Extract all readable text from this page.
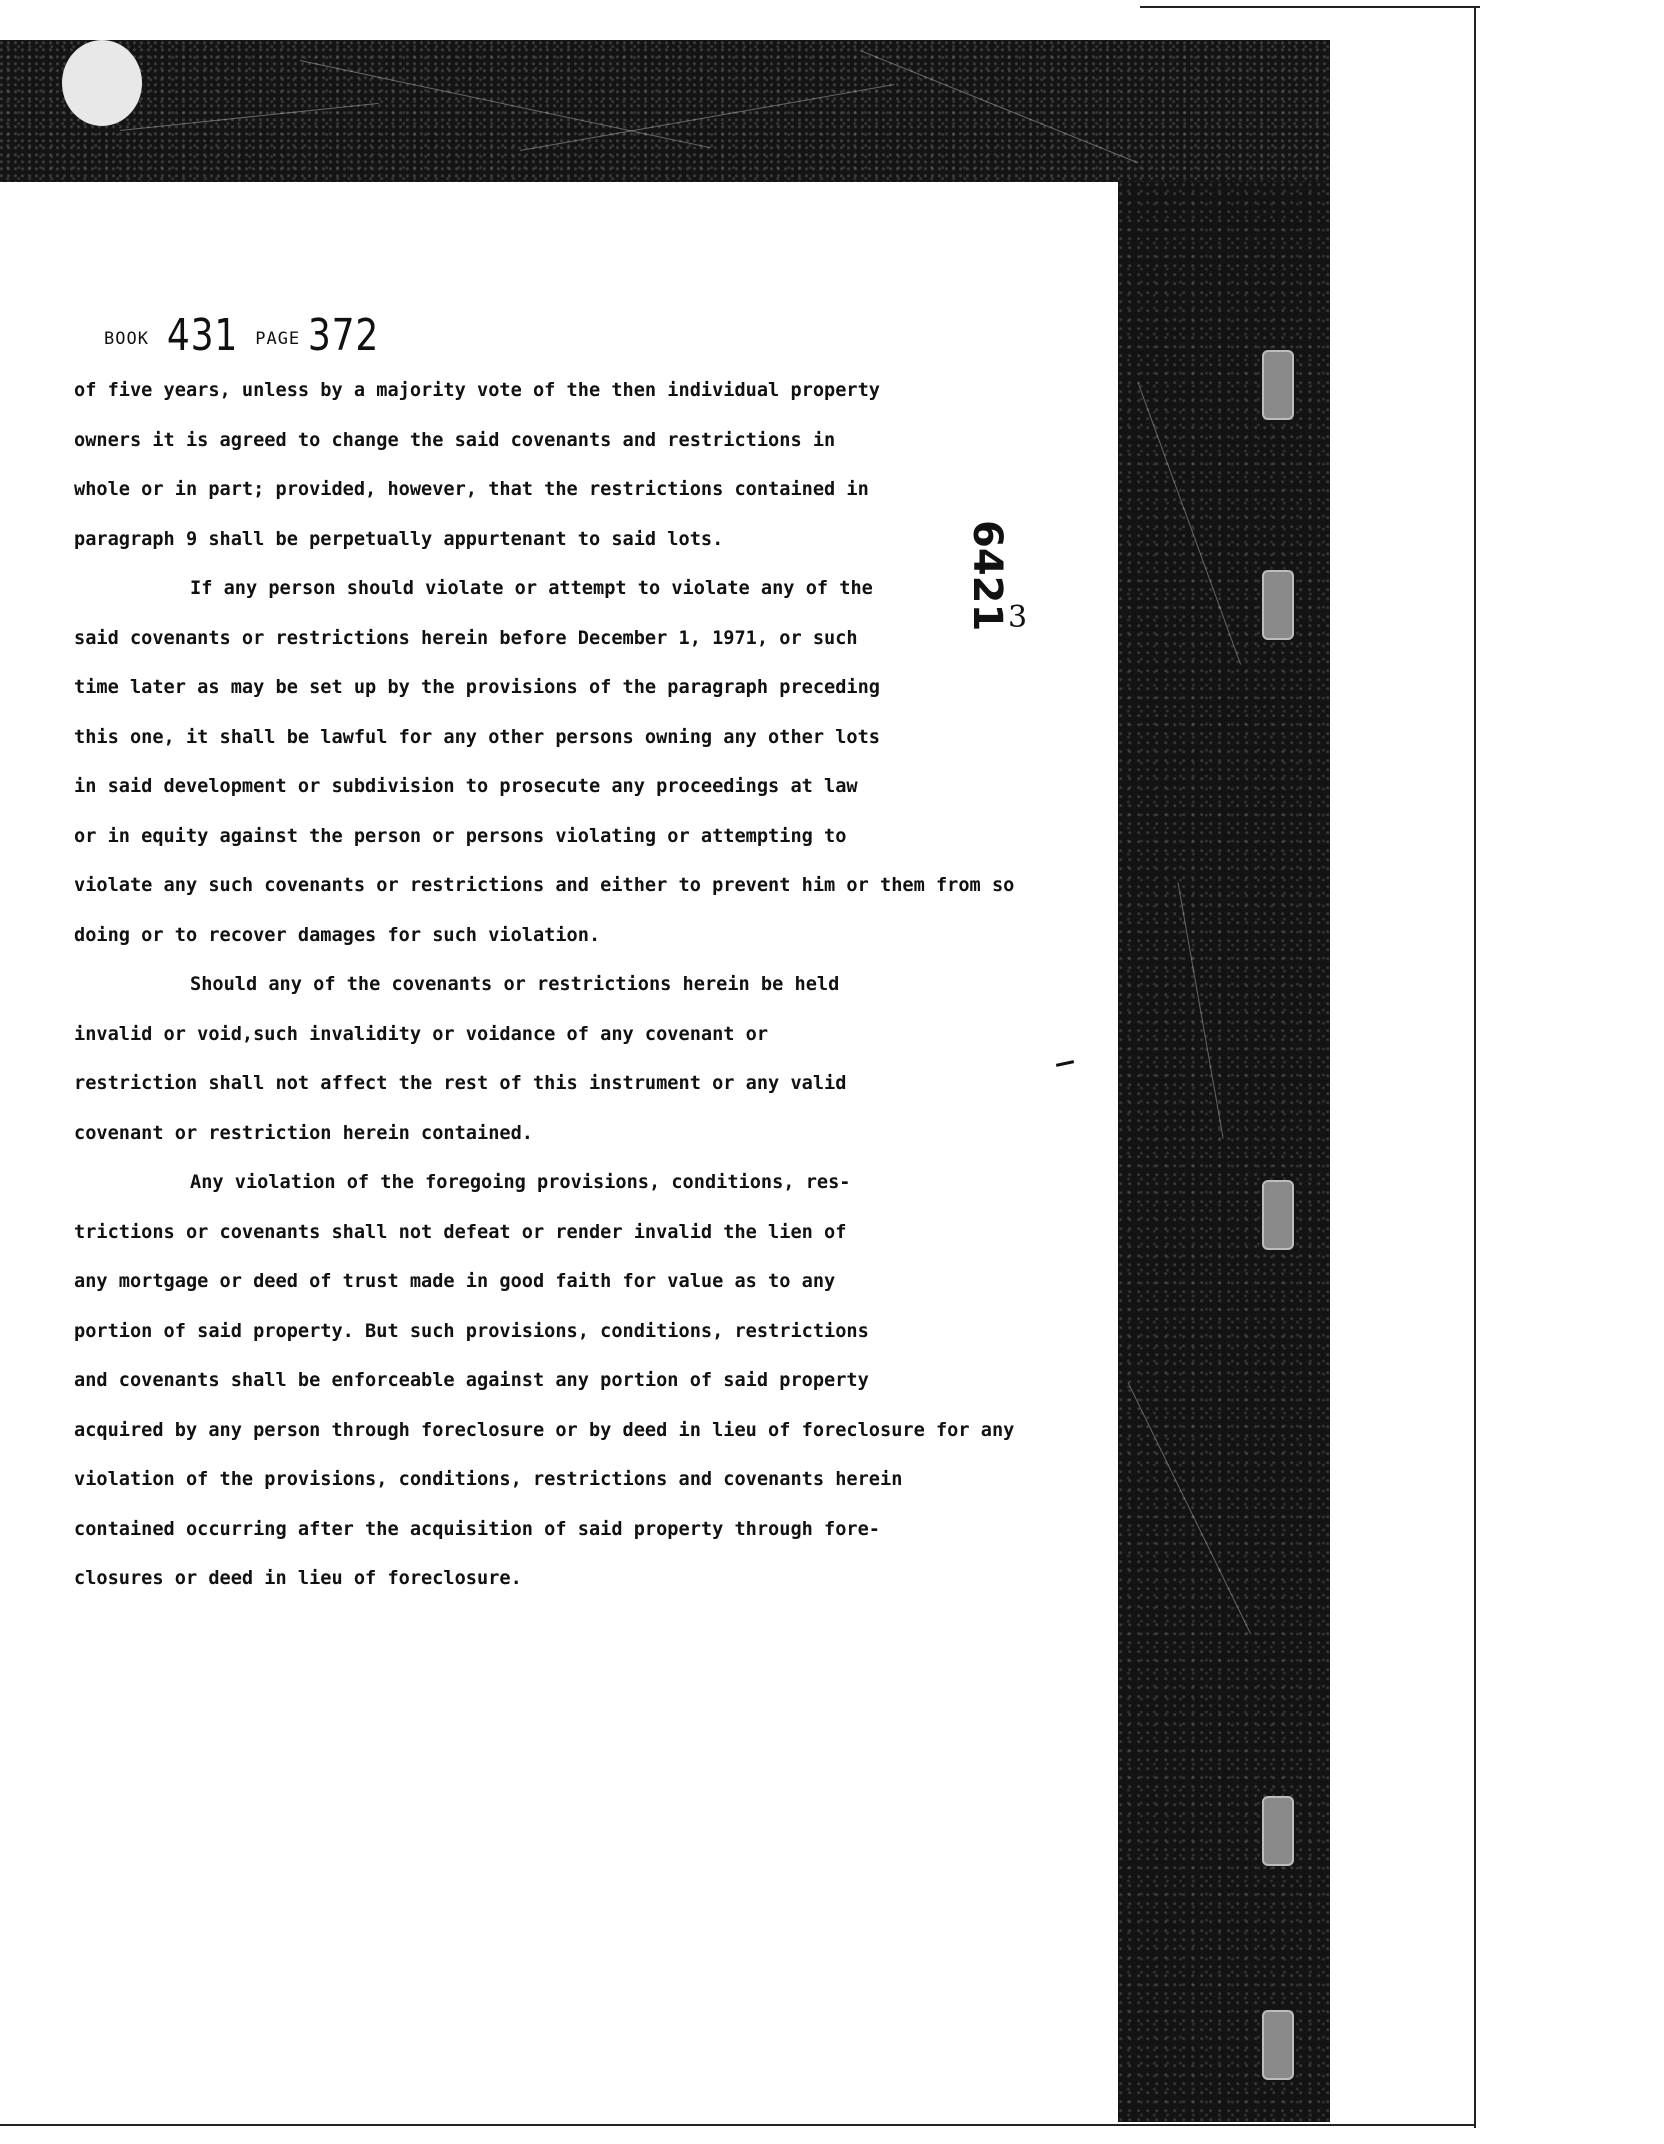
BOOK 431 PAGE 372
6421
3
of five years, unless by a majority vote of the then individual property
owners it is agreed to change the said covenants and restrictions in
whole or in part; provided, however, that the restrictions contained in
paragraph 9 shall be perpetually appurtenant to said lots.
If any person should violate or attempt to violate any of the
said covenants or restrictions herein before December 1, 1971, or such
time later as may be set up by the provisions of the paragraph preceding
this one, it shall be lawful for any other persons owning any other lots
in said development or subdivision to prosecute any proceedings at law
or in equity against the person or persons violating or attempting to
violate any such covenants or restrictions and either to prevent him or them from so
doing or to recover damages for such violation.
Should any of the covenants or restrictions herein be held
invalid or void,such invalidity or voidance of any covenant or
restriction shall not affect the rest of this instrument or any valid
covenant or restriction herein contained.
Any violation of the foregoing provisions, conditions, res-
trictions or covenants shall not defeat or render invalid the lien of
any mortgage or deed of trust made in good faith for value as to any
portion of said property. But such provisions, conditions, restrictions
and covenants shall be enforceable against any portion of said property
acquired by any person through foreclosure or by deed in lieu of foreclosure for any
violation of the provisions, conditions, restrictions and covenants herein
contained occurring after the acquisition of said property through fore-
closures or deed in lieu of foreclosure.
